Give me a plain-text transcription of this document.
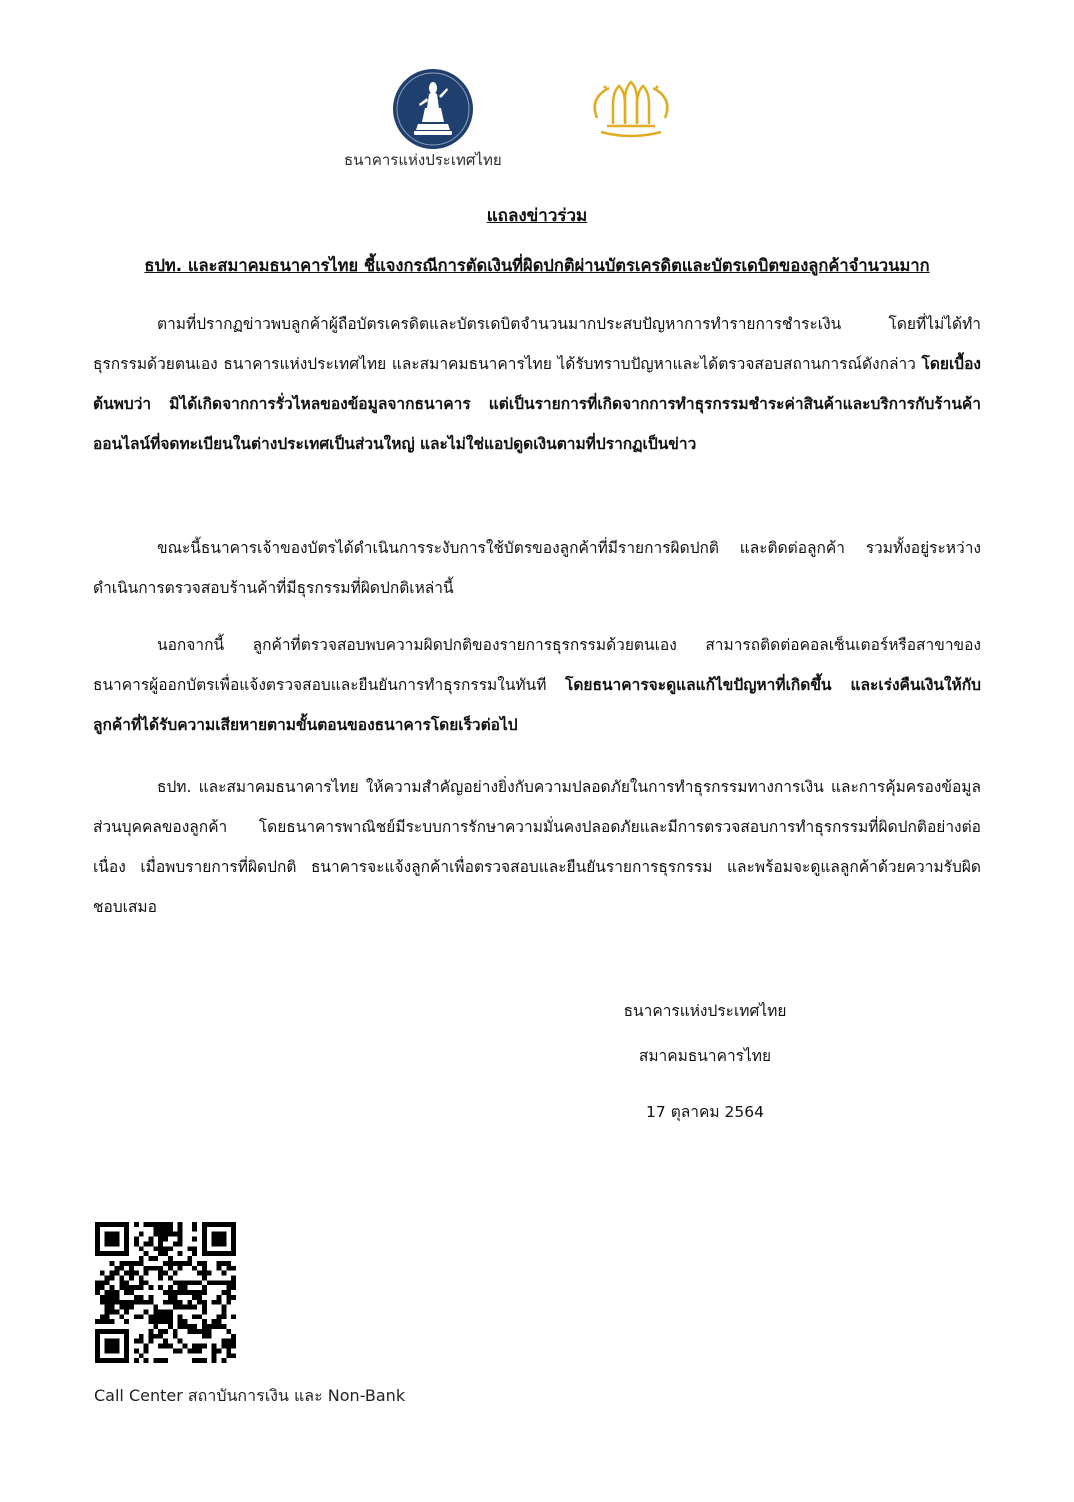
ธนาคารแห่งประเทศไทย
แถลงข่าวร่วม
ธปท. และสมาคมธนาคารไทย ชี้แจงกรณีการตัดเงินที่ผิดปกติผ่านบัตรเครดิตและบัตรเดบิตของลูกค้าจำนวนมาก

ตามที่ปรากฏข่าวพบลูกค้าผู้ถือบัตรเครดิตและบัตรเดบิตจำนวนมากประสบปัญหาการทำรายการชำระเงิน โดยที่ไม่ได้ทำธุรกรรมด้วยตนเอง ธนาคารแห่งประเทศไทย และสมาคมธนาคารไทย ได้รับทราบปัญหาและได้ตรวจสอบสถานการณ์ดังกล่าว โดยเบื้องต้นพบว่า มิได้เกิดจากการรั่วไหลของข้อมูลจากธนาคาร แต่เป็นรายการที่เกิดจากการทำธุรกรรมชำระค่าสินค้าและบริการกับร้านค้าออนไลน์ที่จดทะเบียนในต่างประเทศเป็นส่วนใหญ่ และไม่ใช่แอปดูดเงินตามที่ปรากฏเป็นข่าว

ขณะนี้ธนาคารเจ้าของบัตรได้ดำเนินการระงับการใช้บัตรของลูกค้าที่มีรายการผิดปกติ และติดต่อลูกค้า รวมทั้งอยู่ระหว่างดำเนินการตรวจสอบร้านค้าที่มีธุรกรรมที่ผิดปกติเหล่านี้

นอกจากนี้ ลูกค้าที่ตรวจสอบพบความผิดปกติของรายการธุรกรรมด้วยตนเอง สามารถติดต่อคอลเซ็นเตอร์หรือสาขาของธนาคารผู้ออกบัตรเพื่อแจ้งตรวจสอบและยืนยันการทำธุรกรรมในทันที โดยธนาคารจะดูแลแก้ไขปัญหาที่เกิดขึ้น และเร่งคืนเงินให้กับลูกค้าที่ได้รับความเสียหายตามขั้นตอนของธนาคารโดยเร็วต่อไป

ธปท. และสมาคมธนาคารไทย ให้ความสำคัญอย่างยิ่งกับความปลอดภัยในการทำธุรกรรมทางการเงิน และการคุ้มครองข้อมูลส่วนบุคคลของลูกค้า โดยธนาคารพาณิชย์มีระบบการรักษาความมั่นคงปลอดภัยและมีการตรวจสอบการทำธุรกรรมที่ผิดปกติอย่างต่อเนื่อง เมื่อพบรายการที่ผิดปกติ ธนาคารจะแจ้งลูกค้าเพื่อตรวจสอบและยืนยันรายการธุรกรรม และพร้อมจะดูแลลูกค้าด้วยความรับผิดชอบเสมอ

ธนาคารแห่งประเทศไทย
สมาคมธนาคารไทย
17 ตุลาคม 2564
Call Center สถาบันการเงิน และ Non-Bank
